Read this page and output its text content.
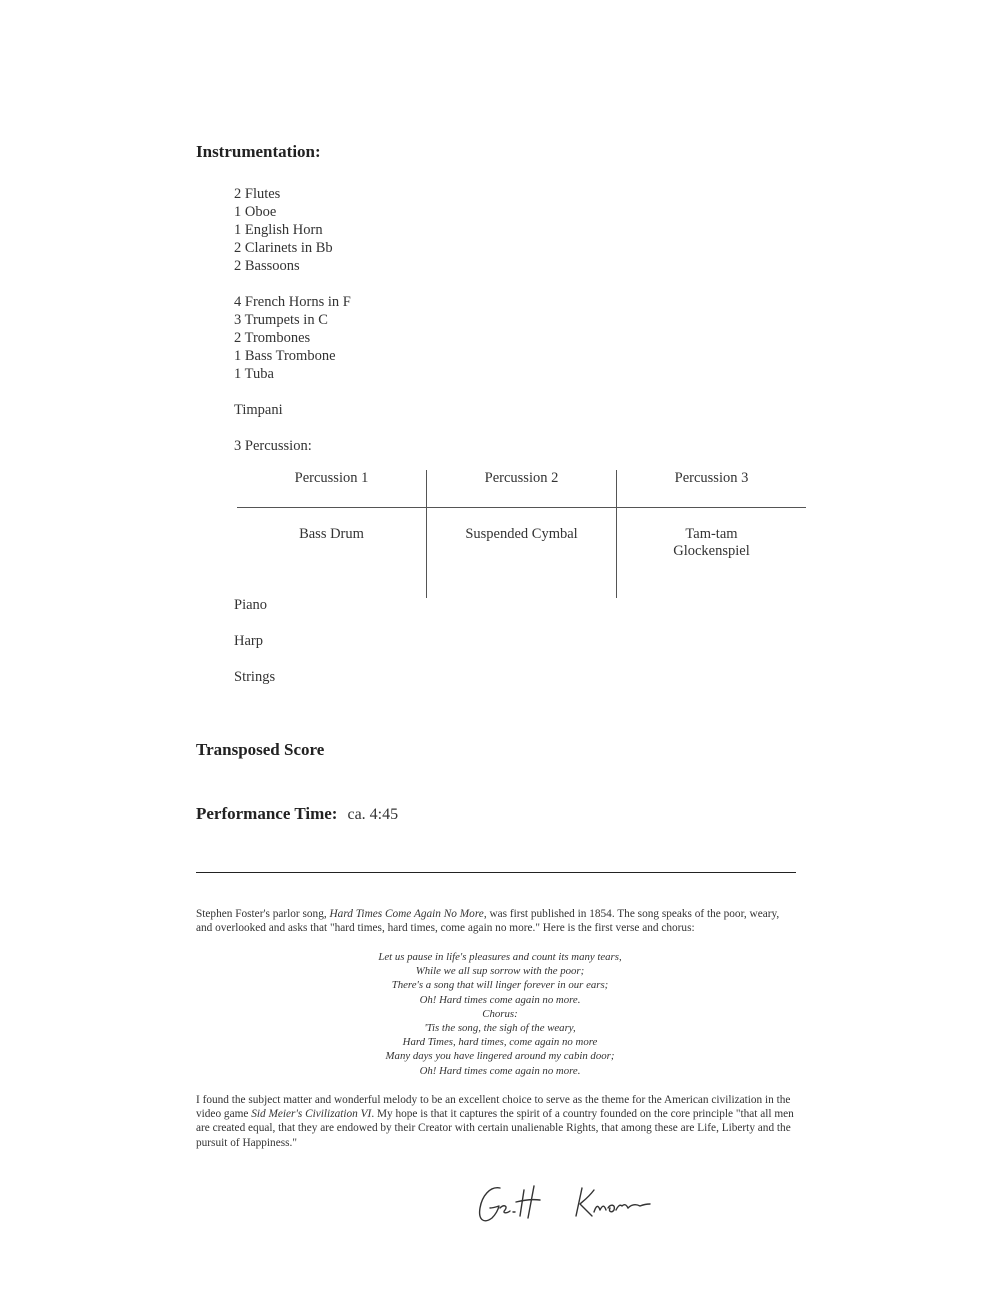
Instrumentation:
2 Flutes
1 Oboe
1 English Horn
2 Clarinets in Bb
2 Bassoons
4 French Horns in F
3 Trumpets in C
2 Trombones
1 Bass Trombone
1 Tuba
Timpani
3 Percussion:
Percussion 1	Percussion 2	Percussion 3

Bass Drum	Suspended Cymbal	Tam-tam
Glockenspiel
Piano
Harp
Strings
Transposed Score
Performance Time: ca. 4:45
Stephen Foster's parlor song, Hard Times Come Again No More, was first published in 1854. The song speaks of the poor, weary, and overlooked and asks that "hard times, hard times, come again no more." Here is the first verse and chorus:
Let us pause in life's pleasures and count its many tears,
While we all sup sorrow with the poor;
There's a song that will linger forever in our ears;
Oh! Hard times come again no more.
Chorus:
'Tis the song, the sigh of the weary,
Hard Times, hard times, come again no more
Many days you have lingered around my cabin door;
Oh! Hard times come again no more.
I found the subject matter and wonderful melody to be an excellent choice to serve as the theme for the American civilization in the video game Sid Meier's Civilization VI. My hope is that it captures the spirit of a country founded on the core principle "that all men are created equal, that they are endowed by their Creator with certain unalienable Rights, that among these are Life, Liberty and the pursuit of Happiness."
